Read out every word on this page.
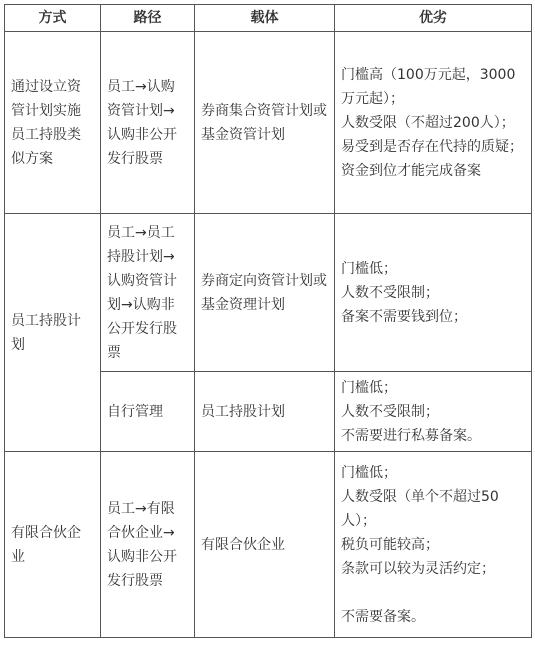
方式	路径	载体	优劣
通过设立资管计划实施员工持股类似方案	员工→认购资管计划→认购非公开发行股票	券商集合资管计划或基金资管计划	门槛高（100万元起，3000万元起）；
人数受限（不超过200人）；
易受到是否存在代持的质疑；
资金到位才能完成备案

员工持股计划	员工→员工持股计划→认购资管计划→认购非公开发行股票	券商定向资管计划或基金资理计划	门槛低；
人数不受限制；
备案不需要钱到位；

	自行管理	员工持股计划	门槛低；
人数不受限制；
不需要进行私募备案。

有限合伙企业	员工→有限合伙企业→认购非公开发行股票	有限合伙企业	门槛低；
人数受限（单个不超过50人）；
税负可能较高；
条款可以较为灵活约定；
不需要备案。
